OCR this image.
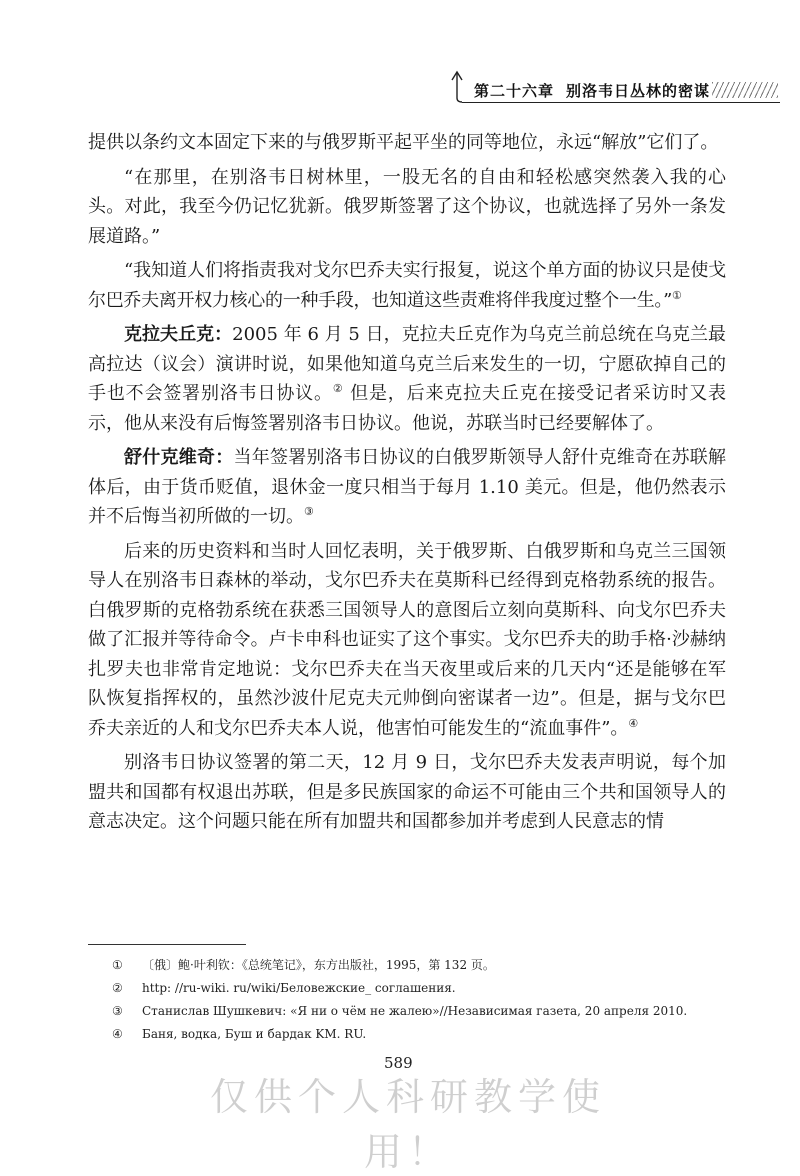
第二十六章 别洛韦日丛林的密谋

提供以条约文本固定下来的与俄罗斯平起平坐的同等地位，永远“解放”它们了。

“在那里，在别洛韦日树林里，一股无名的自由和轻松感突然袭入我的心头。对此，我至今仍记忆犹新。俄罗斯签署了这个协议，也就选择了另外一条发展道路。”

“我知道人们将指责我对戈尔巴乔夫实行报复，说这个单方面的协议只是使戈尔巴乔夫离开权力核心的一种手段，也知道这些责难将伴我度过整个一生。”①

克拉夫丘克：2005 年 6 月 5 日，克拉夫丘克作为乌克兰前总统在乌克兰最高拉达（议会）演讲时说，如果他知道乌克兰后来发生的一切，宁愿砍掉自己的手也不会签署别洛韦日协议。② 但是，后来克拉夫丘克在接受记者采访时又表示，他从来没有后悔签署别洛韦日协议。他说，苏联当时已经要解体了。

舒什克维奇：当年签署别洛韦日协议的白俄罗斯领导人舒什克维奇在苏联解体后，由于货币贬值，退休金一度只相当于每月 1.10 美元。但是，他仍然表示并不后悔当初所做的一切。③

后来的历史资料和当时人回忆表明，关于俄罗斯、白俄罗斯和乌克兰三国领导人在别洛韦日森林的举动，戈尔巴乔夫在莫斯科已经得到克格勃系统的报告。白俄罗斯的克格勃系统在获悉三国领导人的意图后立刻向莫斯科、向戈尔巴乔夫做了汇报并等待命令。卢卡申科也证实了这个事实。戈尔巴乔夫的助手格·沙赫纳扎罗夫也非常肯定地说：戈尔巴乔夫在当天夜里或后来的几天内“还是能够在军队恢复指挥权的，虽然沙波什尼克夫元帅倒向密谋者一边”。但是，据与戈尔巴乔夫亲近的人和戈尔巴乔夫本人说，他害怕可能发生的“流血事件”。④

别洛韦日协议签署的第二天，12 月 9 日，戈尔巴乔夫发表声明说，每个加盟共和国都有权退出苏联，但是多民族国家的命运不可能由三个共和国领导人的意志决定。这个问题只能在所有加盟共和国都参加并考虑到人民意志的情

① 〔俄〕鲍·叶利钦：《总统笔记》，东方出版社，1995，第 132 页。
② http: //ru-wiki. ru/wiki/Беловежские_ соглашения.
③ Станислав Шушкевич: «Я ни о чём не жалею»//Независимая газета, 20 апреля 2010.
④ Баня, водка, Буш и бардак KM. RU.
589
仅供个人科研教学使用！
